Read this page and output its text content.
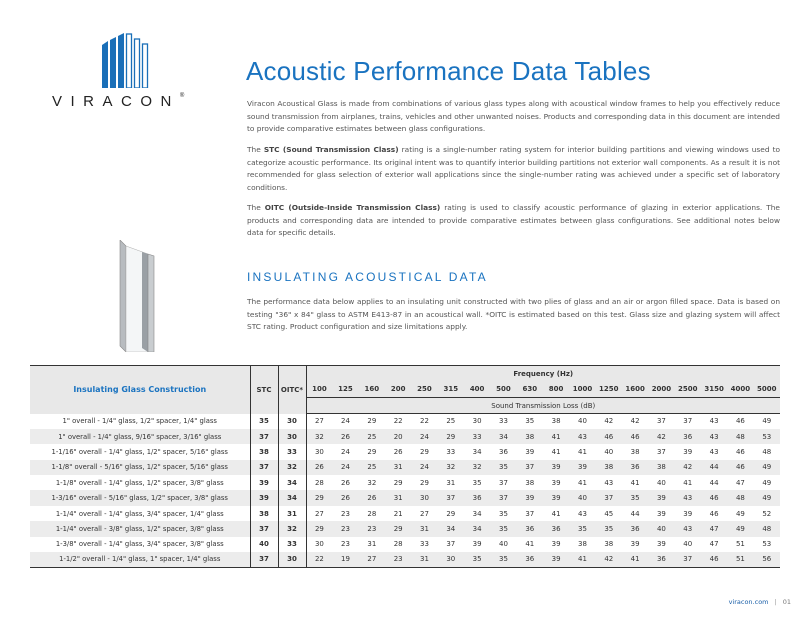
VIRACON®
Acoustic Performance Data Tables

Viracon Acoustical Glass is made from combinations of various glass types along with acoustical window frames to help you effectively reduce sound transmission from airplanes, trains, vehicles and other unwanted noises. Products and corresponding data in this document are intended to provide comparative estimates between glass configurations.

The STC (Sound Transmission Class) rating is a single-number rating system for interior building partitions and viewing windows used to categorize acoustic performance. Its original intent was to quantify interior building partitions not exterior wall components. As a result it is not recommended for glass selection of exterior wall applications since the single-number rating was achieved under a specific set of laboratory conditions.

The OITC (Outside-Inside Transmission Class) rating is used to classify acoustic performance of glazing in exterior applications. The products and corresponding data are intended to provide comparative estimates between glass configurations. See additional notes below data for specific details.

INSULATING ACOUSTICAL DATA

The performance data below applies to an insulating unit constructed with two plies of glass and an air or argon filled space. Data is based on testing "36" x 84" glass to ASTM E413-87 in an acoustical wall. *OITC is estimated based on this test. Glass size and glazing system will affect STC rating. Product configuration and size limitations apply.

Insulating Glass Construction	STC	OITC*	Frequency (Hz)																	
			100	125	160	200	250	315	400	500	630	800	1000	1250	1600	2000	2500	3150	4000	5000
			Sound Transmission Loss (dB)																	
1" overall - 1/4" glass, 1/2" spacer, 1/4" glass	35	30	27	24	29	22	22	25	30	33	35	38	40	42	42	37	37	43	46	49
1" overall - 1/4" glass, 9/16" spacer, 3/16" glass	37	30	32	26	25	20	24	29	33	34	38	41	43	46	46	42	36	43	48	53
1-1/16" overall - 1/4" glass, 1/2" spacer, 5/16" glass	38	33	30	24	29	26	29	33	34	36	39	41	41	40	38	37	39	43	46	48
1-1/8" overall - 5/16" glass, 1/2" spacer, 5/16" glass	37	32	26	24	25	31	24	32	32	35	37	39	39	38	36	38	42	44	46	49
1-1/8" overall - 1/4" glass, 1/2" spacer, 3/8" glass	39	34	28	26	32	29	29	31	35	37	38	39	41	43	41	40	41	44	47	49
1-3/16" overall - 5/16" glass, 1/2" spacer, 3/8" glass	39	34	29	26	26	31	30	37	36	37	39	39	40	37	35	39	43	46	48	49
1-1/4" overall - 1/4" glass, 3/4" spacer, 1/4" glass	38	31	27	23	28	21	27	29	34	35	37	41	43	45	44	39	39	46	49	52
1-1/4" overall - 3/8" glass, 1/2" spacer, 3/8" glass	37	32	29	23	23	29	31	34	34	35	36	36	35	35	36	40	43	47	49	48
1-3/8" overall - 1/4" glass, 3/4" spacer, 3/8" glass	40	33	30	23	31	28	33	37	39	40	41	39	38	38	39	39	40	47	51	53
1-1/2" overall - 1/4" glass, 1" spacer, 1/4" glass	37	30	22	19	27	23	31	30	35	35	36	39	41	42	41	36	37	46	51	56
viracon.com | 01
